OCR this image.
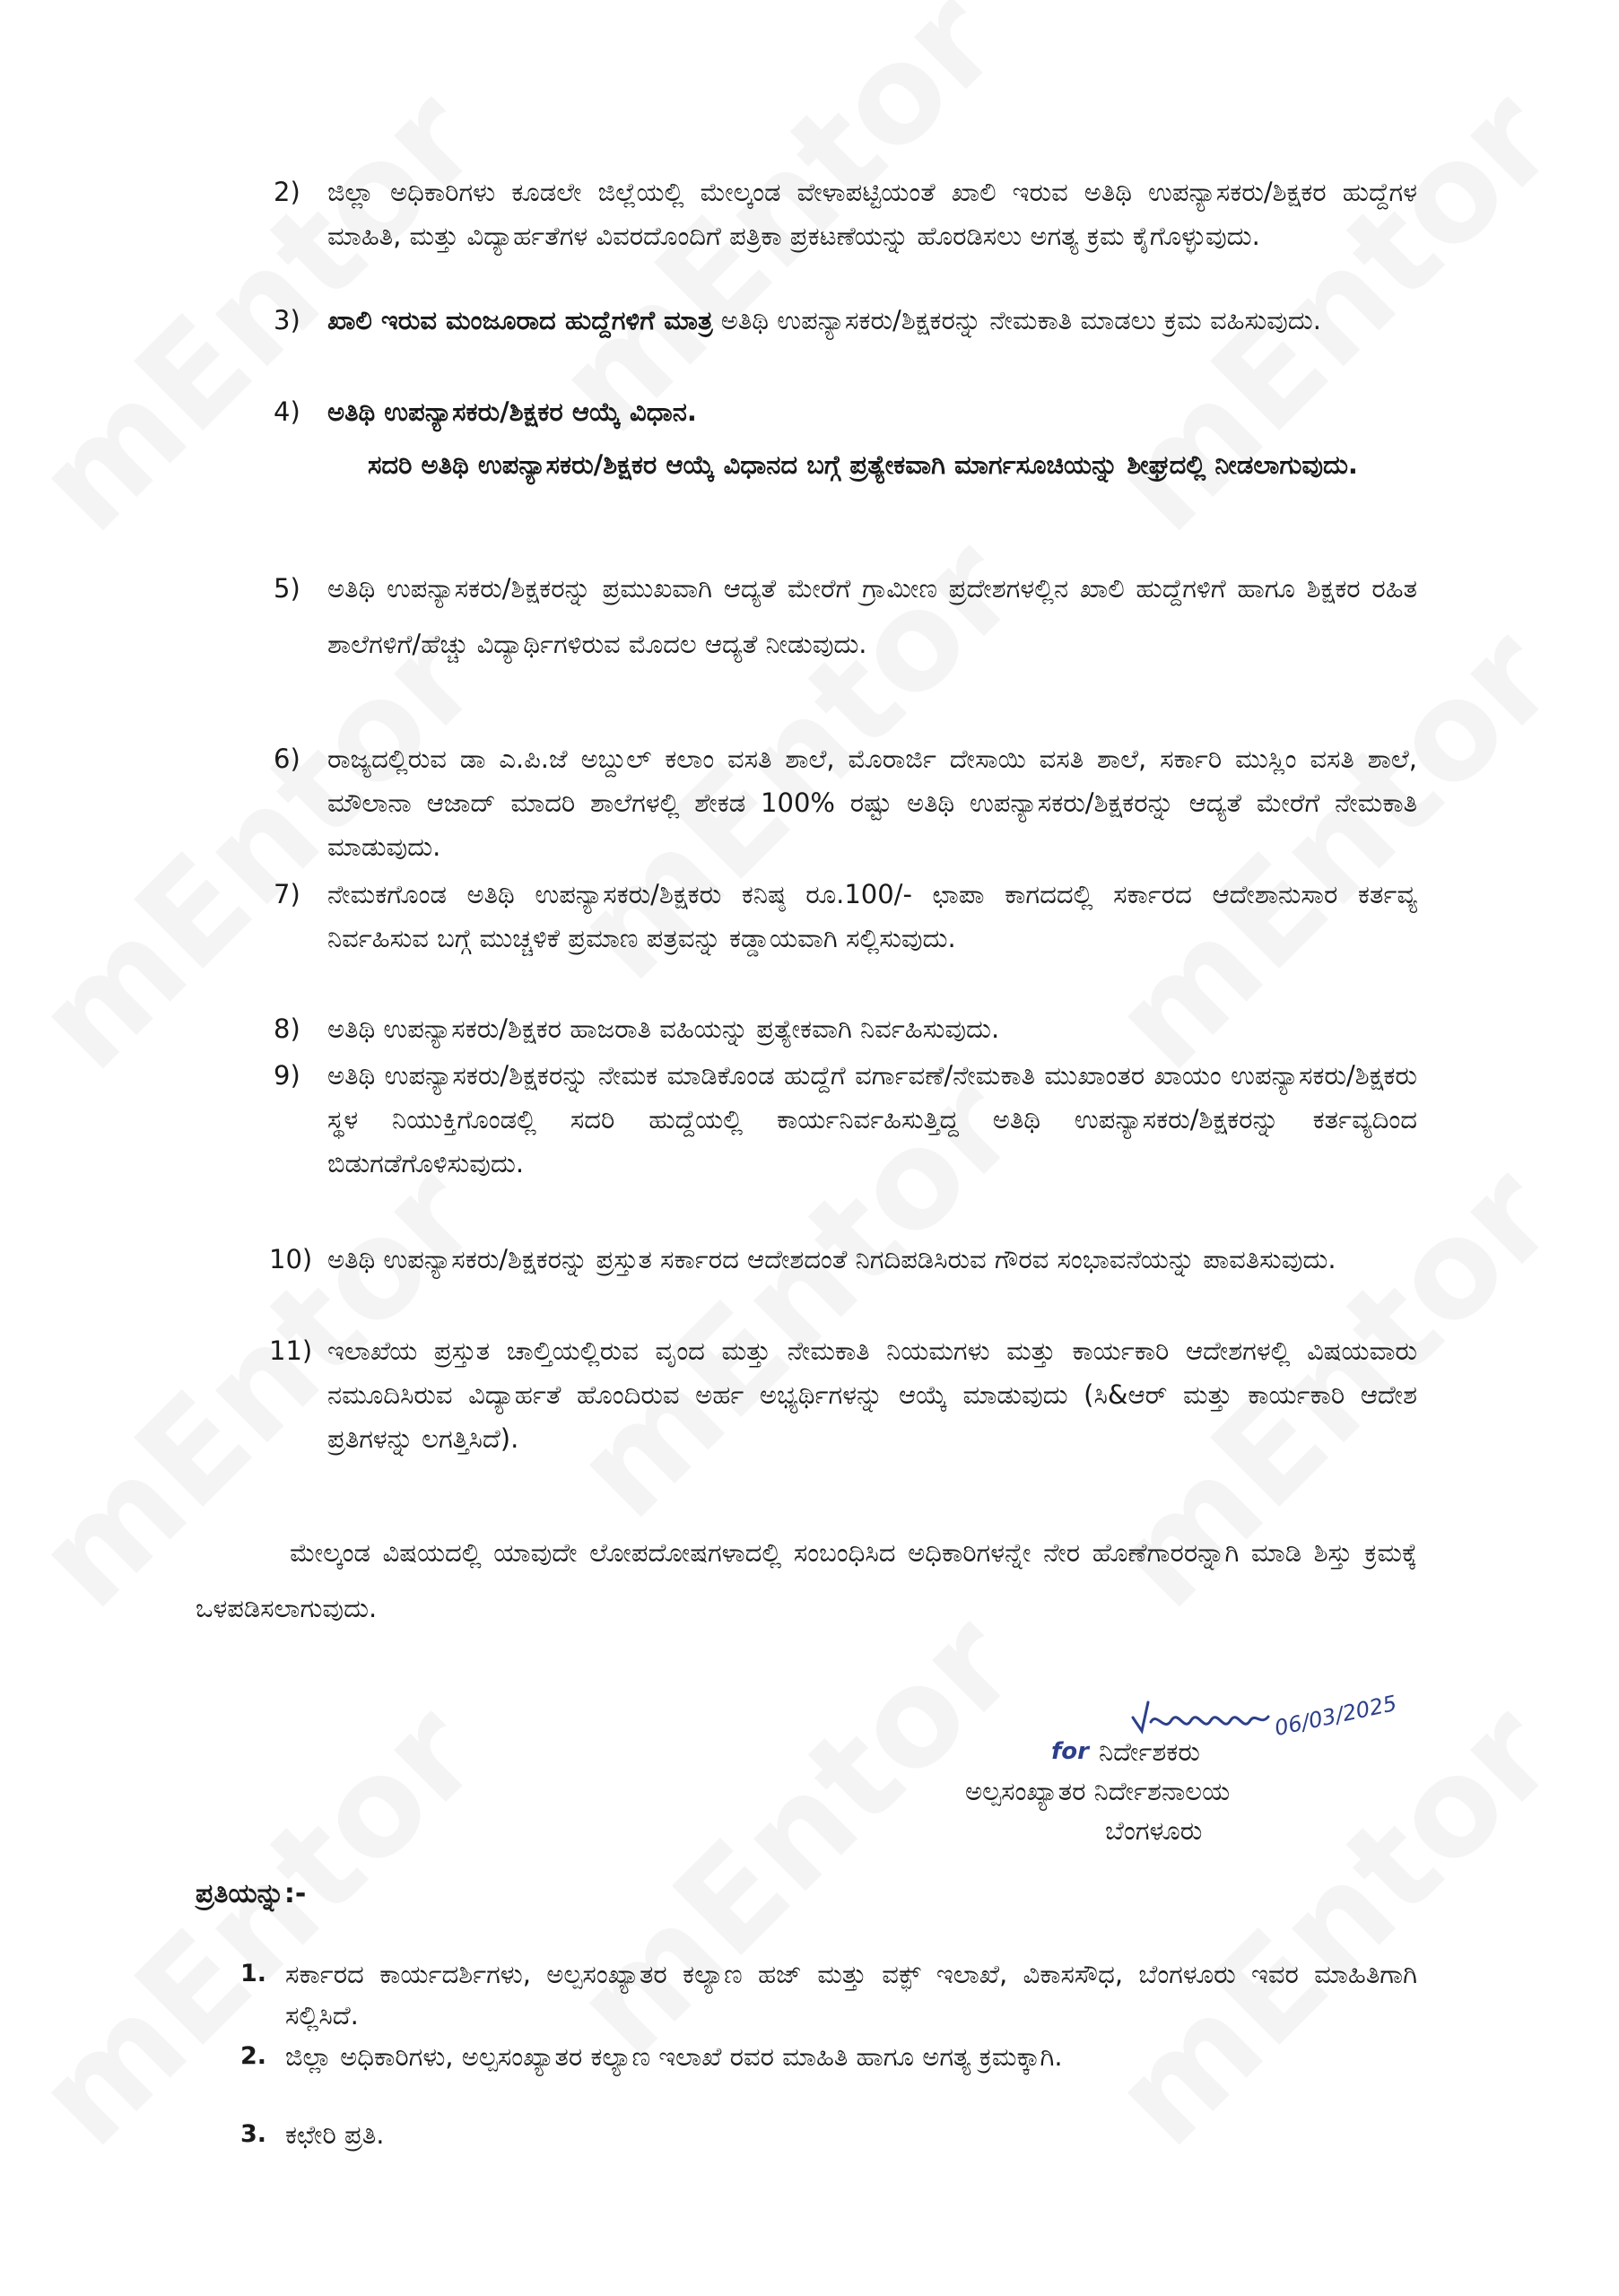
2)	ಜಿಲ್ಲಾ ಅಧಿಕಾರಿಗಳು ಕೂಡಲೇ ಜಿಲ್ಲೆಯಲ್ಲಿ ಮೇಲ್ಕಂಡ ವೇಳಾಪಟ್ಟಿಯಂತೆ ಖಾಲಿ ಇರುವ ಅತಿಥಿ ಉಪನ್ಯಾಸಕರು/ಶಿಕ್ಷಕರ ಹುದ್ದೆಗಳ ಮಾಹಿತಿ, ಮತ್ತು ವಿದ್ಯಾರ್ಹತೆಗಳ ವಿವರದೊಂದಿಗೆ ಪತ್ರಿಕಾ ಪ್ರಕಟಣೆಯನ್ನು ಹೊರಡಿಸಲು ಅಗತ್ಯ ಕ್ರಮ ಕೈಗೊಳ್ಳುವುದು.
3)	ಖಾಲಿ ಇರುವ ಮಂಜೂರಾದ ಹುದ್ದೆಗಳಿಗೆ ಮಾತ್ರ ಅತಿಥಿ ಉಪನ್ಯಾಸಕರು/ಶಿಕ್ಷಕರನ್ನು ನೇಮಕಾತಿ ಮಾಡಲು ಕ್ರಮ ವಹಿಸುವುದು.
4)	ಅತಿಥಿ ಉಪನ್ಯಾಸಕರು/ಶಿಕ್ಷಕರ ಆಯ್ಕೆ ವಿಧಾನ.
ಸದರಿ ಅತಿಥಿ ಉಪನ್ಯಾಸಕರು/ಶಿಕ್ಷಕರ ಆಯ್ಕೆ ವಿಧಾನದ ಬಗ್ಗೆ ಪ್ರತ್ಯೇಕವಾಗಿ ಮಾರ್ಗಸೂಚಿಯನ್ನು ಶೀಘ್ರದಲ್ಲಿ ನೀಡಲಾಗುವುದು.
5)	ಅತಿಥಿ ಉಪನ್ಯಾಸಕರು/ಶಿಕ್ಷಕರನ್ನು ಪ್ರಮುಖವಾಗಿ ಆದ್ಯತೆ ಮೇರೆಗೆ ಗ್ರಾಮೀಣ ಪ್ರದೇಶಗಳಲ್ಲಿನ ಖಾಲಿ ಹುದ್ದೆಗಳಿಗೆ ಹಾಗೂ ಶಿಕ್ಷಕರ ರಹಿತ ಶಾಲೆಗಳಿಗೆ/ಹೆಚ್ಚು ವಿದ್ಯಾರ್ಥಿಗಳಿರುವ ಮೊದಲ ಆದ್ಯತೆ ನೀಡುವುದು.
6)	ರಾಜ್ಯದಲ್ಲಿರುವ ಡಾ ಎ.ಪಿ.ಜೆ ಅಬ್ದುಲ್ ಕಲಾಂ ವಸತಿ ಶಾಲೆ, ಮೊರಾರ್ಜಿ ದೇಸಾಯಿ ವಸತಿ ಶಾಲೆ, ಸರ್ಕಾರಿ ಮುಸ್ಲಿಂ ವಸತಿ ಶಾಲೆ, ಮೌಲಾನಾ ಆಜಾದ್ ಮಾದರಿ ಶಾಲೆಗಳಲ್ಲಿ ಶೇಕಡ 100% ರಷ್ಟು ಅತಿಥಿ ಉಪನ್ಯಾಸಕರು/ಶಿಕ್ಷಕರನ್ನು ಆದ್ಯತೆ ಮೇರೆಗೆ ನೇಮಕಾತಿ ಮಾಡುವುದು.
7)	ನೇಮಕಗೊಂಡ ಅತಿಥಿ ಉಪನ್ಯಾಸಕರು/ಶಿಕ್ಷಕರು ಕನಿಷ್ಠ ರೂ.100/- ಛಾಪಾ ಕಾಗದದಲ್ಲಿ ಸರ್ಕಾರದ ಆದೇಶಾನುಸಾರ ಕರ್ತವ್ಯ ನಿರ್ವಹಿಸುವ ಬಗ್ಗೆ ಮುಚ್ಚಳಿಕೆ ಪ್ರಮಾಣ ಪತ್ರವನ್ನು ಕಡ್ಡಾಯವಾಗಿ ಸಲ್ಲಿಸುವುದು.
8)	ಅತಿಥಿ ಉಪನ್ಯಾಸಕರು/ಶಿಕ್ಷಕರ ಹಾಜರಾತಿ ವಹಿಯನ್ನು ಪ್ರತ್ಯೇಕವಾಗಿ ನಿರ್ವಹಿಸುವುದು.
9)	ಅತಿಥಿ ಉಪನ್ಯಾಸಕರು/ಶಿಕ್ಷಕರನ್ನು ನೇಮಕ ಮಾಡಿಕೊಂಡ ಹುದ್ದೆಗೆ ವರ್ಗಾವಣೆ/ನೇಮಕಾತಿ ಮುಖಾಂತರ ಖಾಯಂ ಉಪನ್ಯಾಸಕರು/ಶಿಕ್ಷಕರು ಸ್ಥಳ ನಿಯುಕ್ತಿಗೊಂಡಲ್ಲಿ ಸದರಿ ಹುದ್ದೆಯಲ್ಲಿ ಕಾರ್ಯನಿರ್ವಹಿಸುತ್ತಿದ್ದ ಅತಿಥಿ ಉಪನ್ಯಾಸಕರು/ಶಿಕ್ಷಕರನ್ನು ಕರ್ತವ್ಯದಿಂದ ಬಿಡುಗಡೆಗೊಳಿಸುವುದು.
10) ಅತಿಥಿ ಉಪನ್ಯಾಸಕರು/ಶಿಕ್ಷಕರನ್ನು ಪ್ರಸ್ತುತ ಸರ್ಕಾರದ ಆದೇಶದಂತೆ ನಿಗದಿಪಡಿಸಿರುವ ಗೌರವ ಸಂಭಾವನೆಯನ್ನು ಪಾವತಿಸುವುದು.
11) ಇಲಾಖೆಯ ಪ್ರಸ್ತುತ ಚಾಲ್ತಿಯಲ್ಲಿರುವ ವೃಂದ ಮತ್ತು ನೇಮಕಾತಿ ನಿಯಮಗಳು ಮತ್ತು ಕಾರ್ಯಕಾರಿ ಆದೇಶಗಳಲ್ಲಿ ವಿಷಯವಾರು ನಮೂದಿಸಿರುವ ವಿದ್ಯಾರ್ಹತೆ ಹೊಂದಿರುವ ಅರ್ಹ ಅಭ್ಯರ್ಥಿಗಳನ್ನು ಆಯ್ಕೆ ಮಾಡುವುದು (ಸಿ&ಆರ್ ಮತ್ತು ಕಾರ್ಯಕಾರಿ ಆದೇಶ ಪ್ರತಿಗಳನ್ನು ಲಗತ್ತಿಸಿದೆ).
ಮೇಲ್ಕಂಡ ವಿಷಯದಲ್ಲಿ ಯಾವುದೇ ಲೋಪದೋಷಗಳಾದಲ್ಲಿ ಸಂಬಂಧಿಸಿದ ಅಧಿಕಾರಿಗಳನ್ನೇ ನೇರ ಹೊಣೆಗಾರರನ್ನಾಗಿ ಮಾಡಿ ಶಿಸ್ತು ಕ್ರಮಕ್ಕೆ ಒಳಪಡಿಸಲಾಗುವುದು.
06/03/2025
for ನಿರ್ದೇಶಕರು
ಅಲ್ಪಸಂಖ್ಯಾತರ ನಿರ್ದೇಶನಾಲಯ
ಬೆಂಗಳೂರು
ಪ್ರತಿಯನ್ನು:-
1. ಸರ್ಕಾರದ ಕಾರ್ಯದರ್ಶಿಗಳು, ಅಲ್ಪಸಂಖ್ಯಾತರ ಕಲ್ಯಾಣ ಹಜ್ ಮತ್ತು ವಕ್ಫ್ ಇಲಾಖೆ, ವಿಕಾಸಸೌಧ, ಬೆಂಗಳೂರು ಇವರ ಮಾಹಿತಿಗಾಗಿ ಸಲ್ಲಿಸಿದೆ.
2. ಜಿಲ್ಲಾ ಅಧಿಕಾರಿಗಳು, ಅಲ್ಪಸಂಖ್ಯಾತರ ಕಲ್ಯಾಣ ಇಲಾಖೆ ರವರ ಮಾಹಿತಿ ಹಾಗೂ ಅಗತ್ಯ ಕ್ರಮಕ್ಕಾಗಿ.
3. ಕಛೇರಿ ಪ್ರತಿ.
